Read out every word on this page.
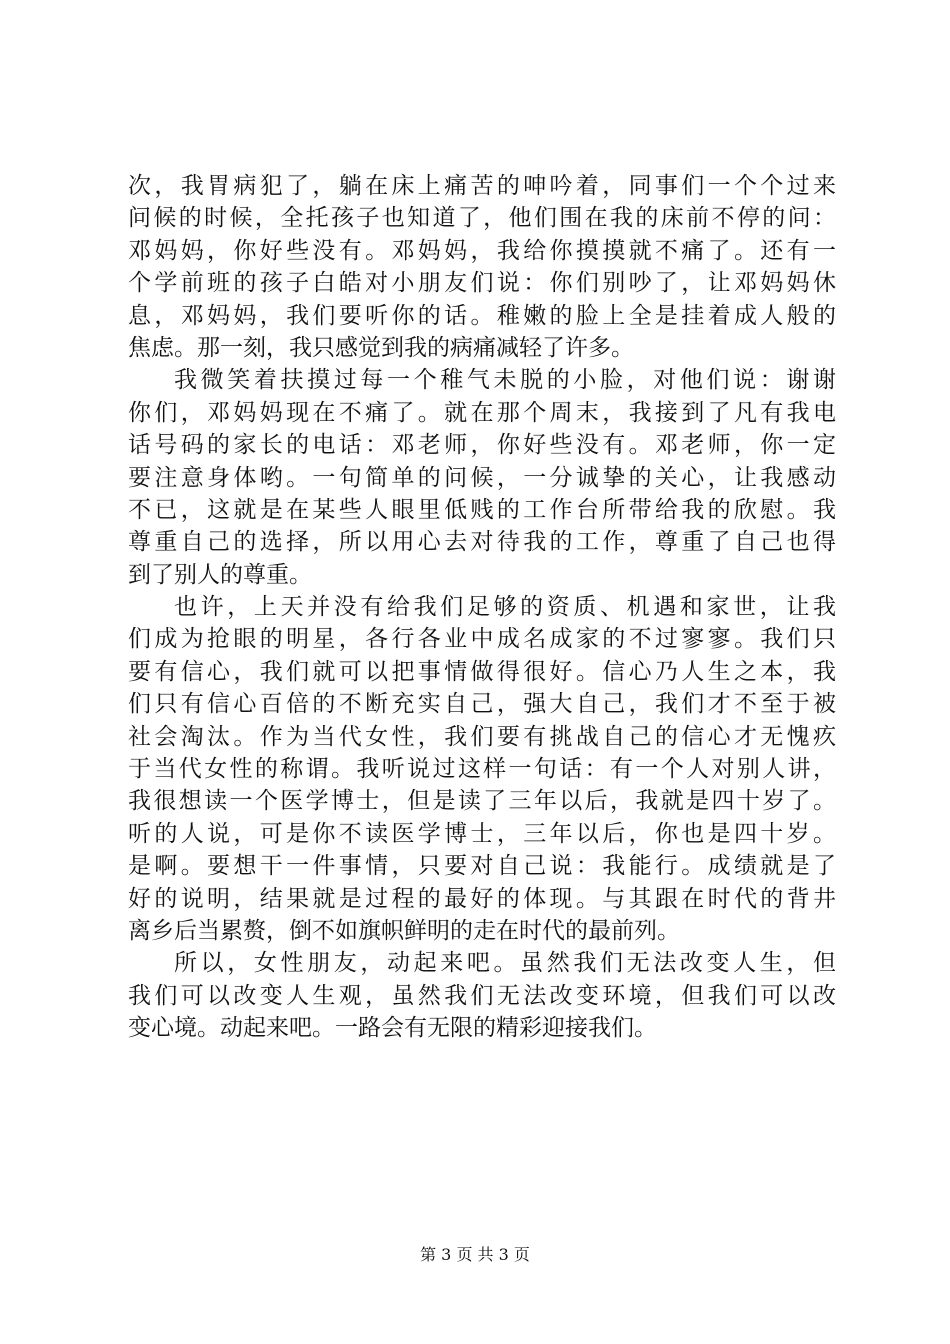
次，我胃病犯了，躺在床上痛苦的呻吟着，同事们一个个过来
问候的时候，全托孩子也知道了，他们围在我的床前不停的问：
邓妈妈，你好些没有。邓妈妈，我给你摸摸就不痛了。还有一
个学前班的孩子白皓对小朋友们说：你们别吵了，让邓妈妈休
息，邓妈妈，我们要听你的话。稚嫩的脸上全是挂着成人般的
焦虑。那一刻，我只感觉到我的病痛减轻了许多。
我微笑着扶摸过每一个稚气未脱的小脸，对他们说：谢谢
你们，邓妈妈现在不痛了。就在那个周末，我接到了凡有我电
话号码的家长的电话：邓老师，你好些没有。邓老师，你一定
要注意身体哟。一句简单的问候，一分诚挚的关心，让我感动
不已，这就是在某些人眼里低贱的工作台所带给我的欣慰。我
尊重自己的选择，所以用心去对待我的工作，尊重了自己也得
到了别人的尊重。
也许，上天并没有给我们足够的资质、机遇和家世，让我
们成为抢眼的明星，各行各业中成名成家的不过寥寥。我们只
要有信心，我们就可以把事情做得很好。信心乃人生之本，我
们只有信心百倍的不断充实自己，强大自己，我们才不至于被
社会淘汰。作为当代女性，我们要有挑战自己的信心才无愧疚
于当代女性的称谓。我听说过这样一句话：有一个人对别人讲，
我很想读一个医学博士，但是读了三年以后，我就是四十岁了。
听的人说，可是你不读医学博士，三年以后，你也是四十岁。
是啊。要想干一件事情，只要对自己说：我能行。成绩就是了
好的说明，结果就是过程的最好的体现。与其跟在时代的背井
离乡后当累赘，倒不如旗帜鲜明的走在时代的最前列。
所以，女性朋友，动起来吧。虽然我们无法改变人生，但
我们可以改变人生观，虽然我们无法改变环境，但我们可以改
变心境。动起来吧。一路会有无限的精彩迎接我们。
第 3 页 共 3 页
